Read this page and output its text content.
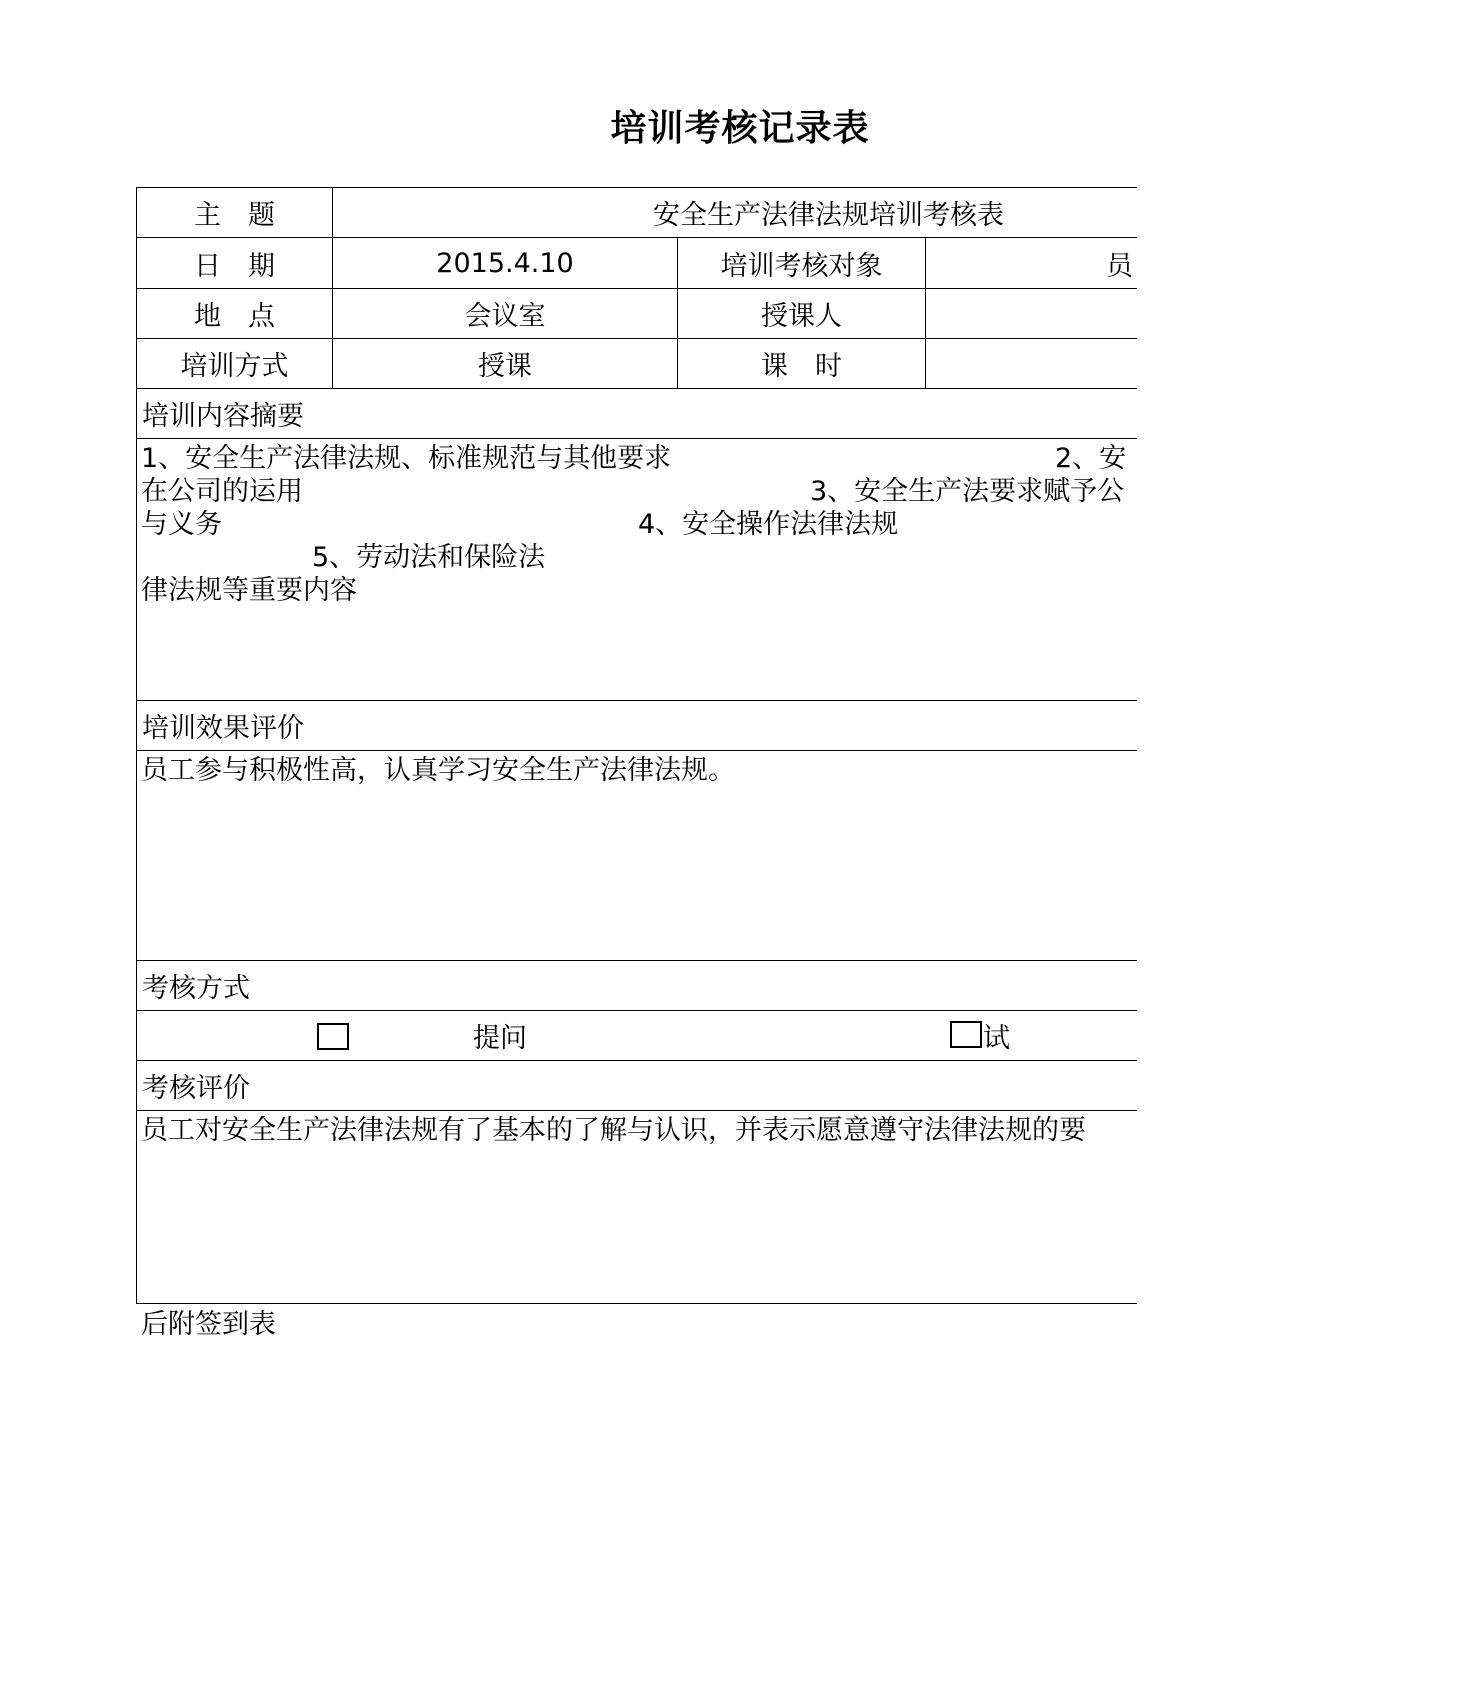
培训考核记录表
主　题	安全生产法律法规培训考核表
日　期	2015.4.10	培训考核对象	员
地　点	会议室	授课人
培训方式	授课	课　时
培训内容摘要
1、安全生产法律法规、标准规范与其他要求	2、安
在公司的运用	3、安全生产法要求赋予公
与义务	4、安全操作法律法规
5、劳动法和保险法
律法规等重要内容
培训效果评价
员工参与积极性高，认真学习安全生产法律法规。
考核方式
提问	试
考核评价
员工对安全生产法律法规有了基本的了解与认识，并表示愿意遵守法律法规的要
后附签到表
